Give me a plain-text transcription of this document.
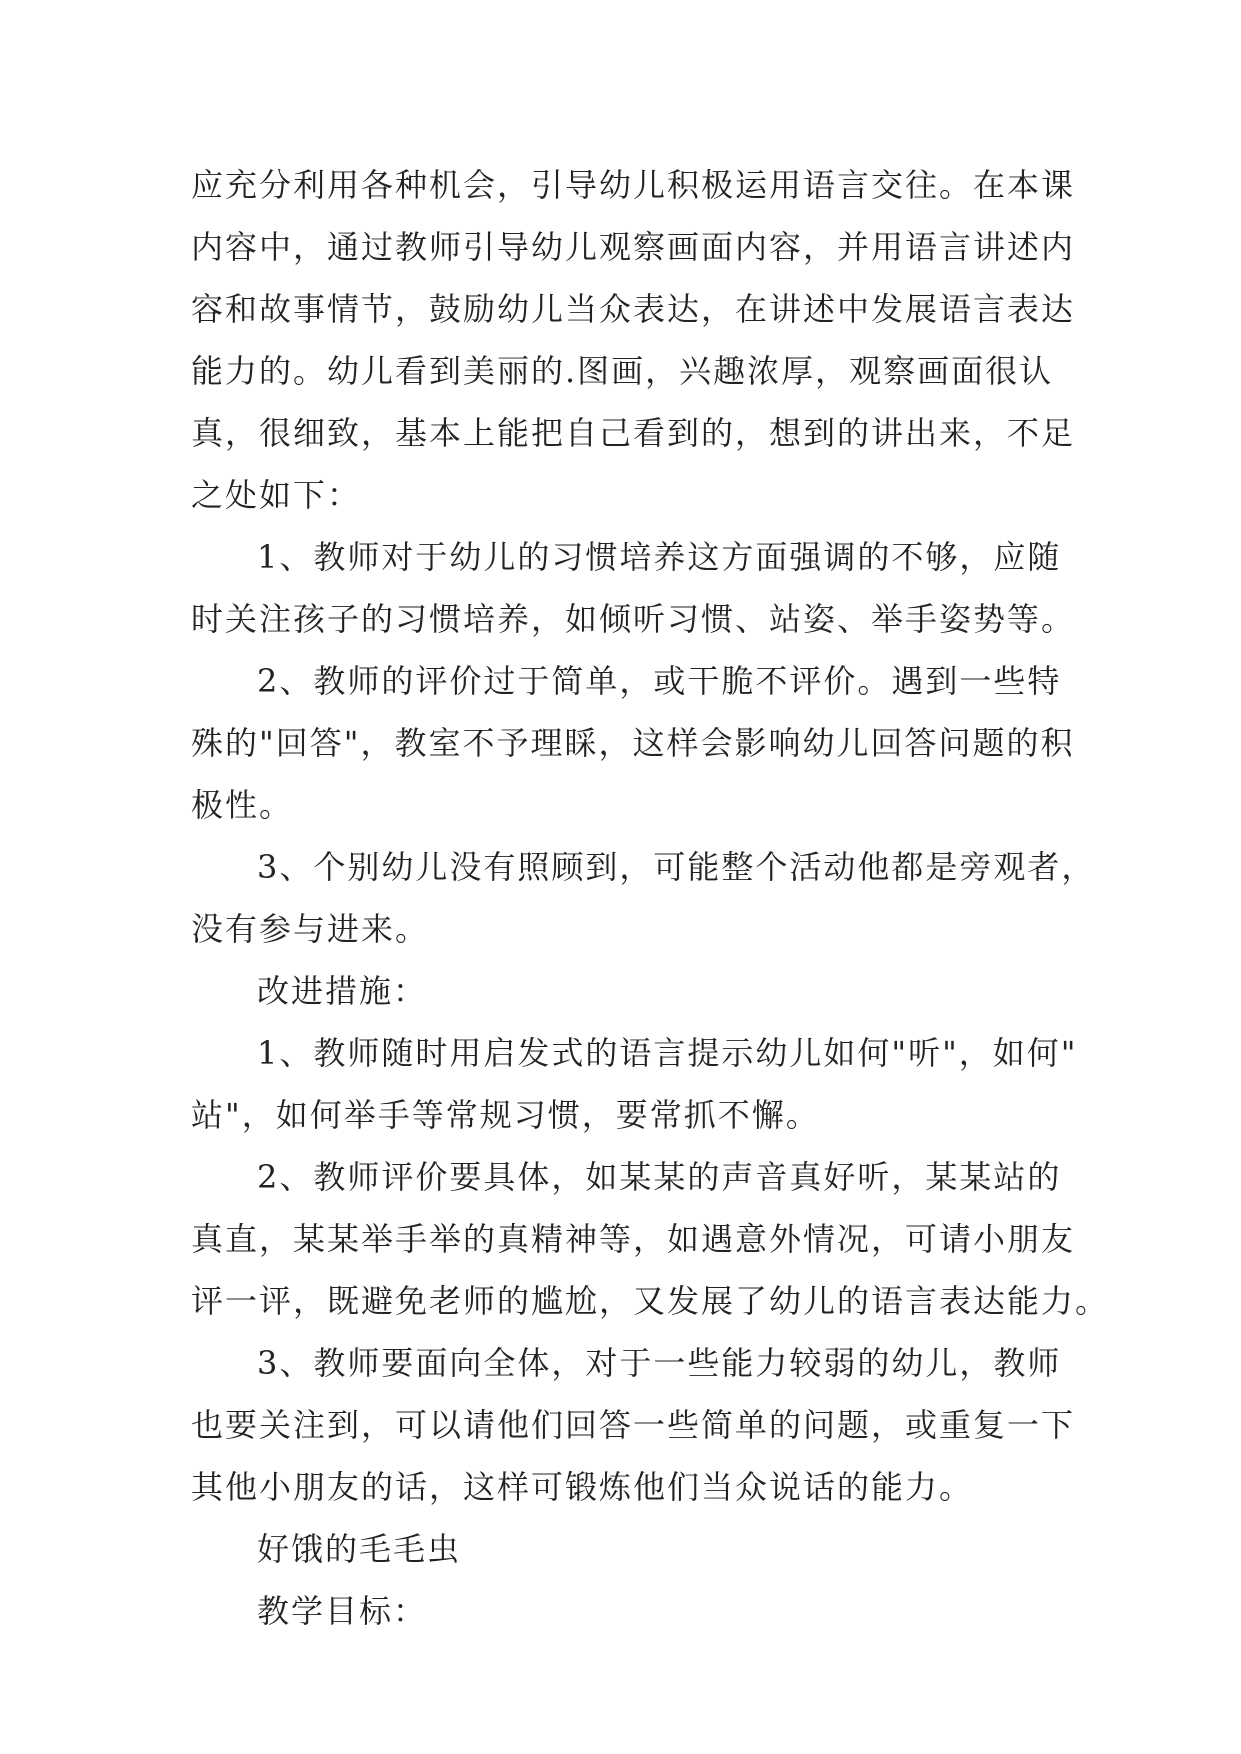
应充分利用各种机会，引导幼儿积极运用语言交往。在本课
内容中，通过教师引导幼儿观察画面内容，并用语言讲述内
容和故事情节，鼓励幼儿当众表达，在讲述中发展语言表达
能力的。幼儿看到美丽的.图画，兴趣浓厚，观察画面很认
真，很细致，基本上能把自己看到的，想到的讲出来，不足
之处如下：

1、教师对于幼儿的习惯培养这方面强调的不够，应随
时关注孩子的习惯培养，如倾听习惯、站姿、举手姿势等。

2、教师的评价过于简单，或干脆不评价。遇到一些特
殊的"回答"，教室不予理睬，这样会影响幼儿回答问题的积
极性。

3、个别幼儿没有照顾到，可能整个活动他都是旁观者，
没有参与进来。

改进措施：

1、教师随时用启发式的语言提示幼儿如何"听"，如何"
站"，如何举手等常规习惯，要常抓不懈。

2、教师评价要具体，如某某的声音真好听，某某站的
真直，某某举手举的真精神等，如遇意外情况，可请小朋友
评一评，既避免老师的尴尬，又发展了幼儿的语言表达能力。

3、教师要面向全体，对于一些能力较弱的幼儿，教师
也要关注到，可以请他们回答一些简单的问题，或重复一下
其他小朋友的话，这样可锻炼他们当众说话的能力。

好饿的毛毛虫

教学目标：
